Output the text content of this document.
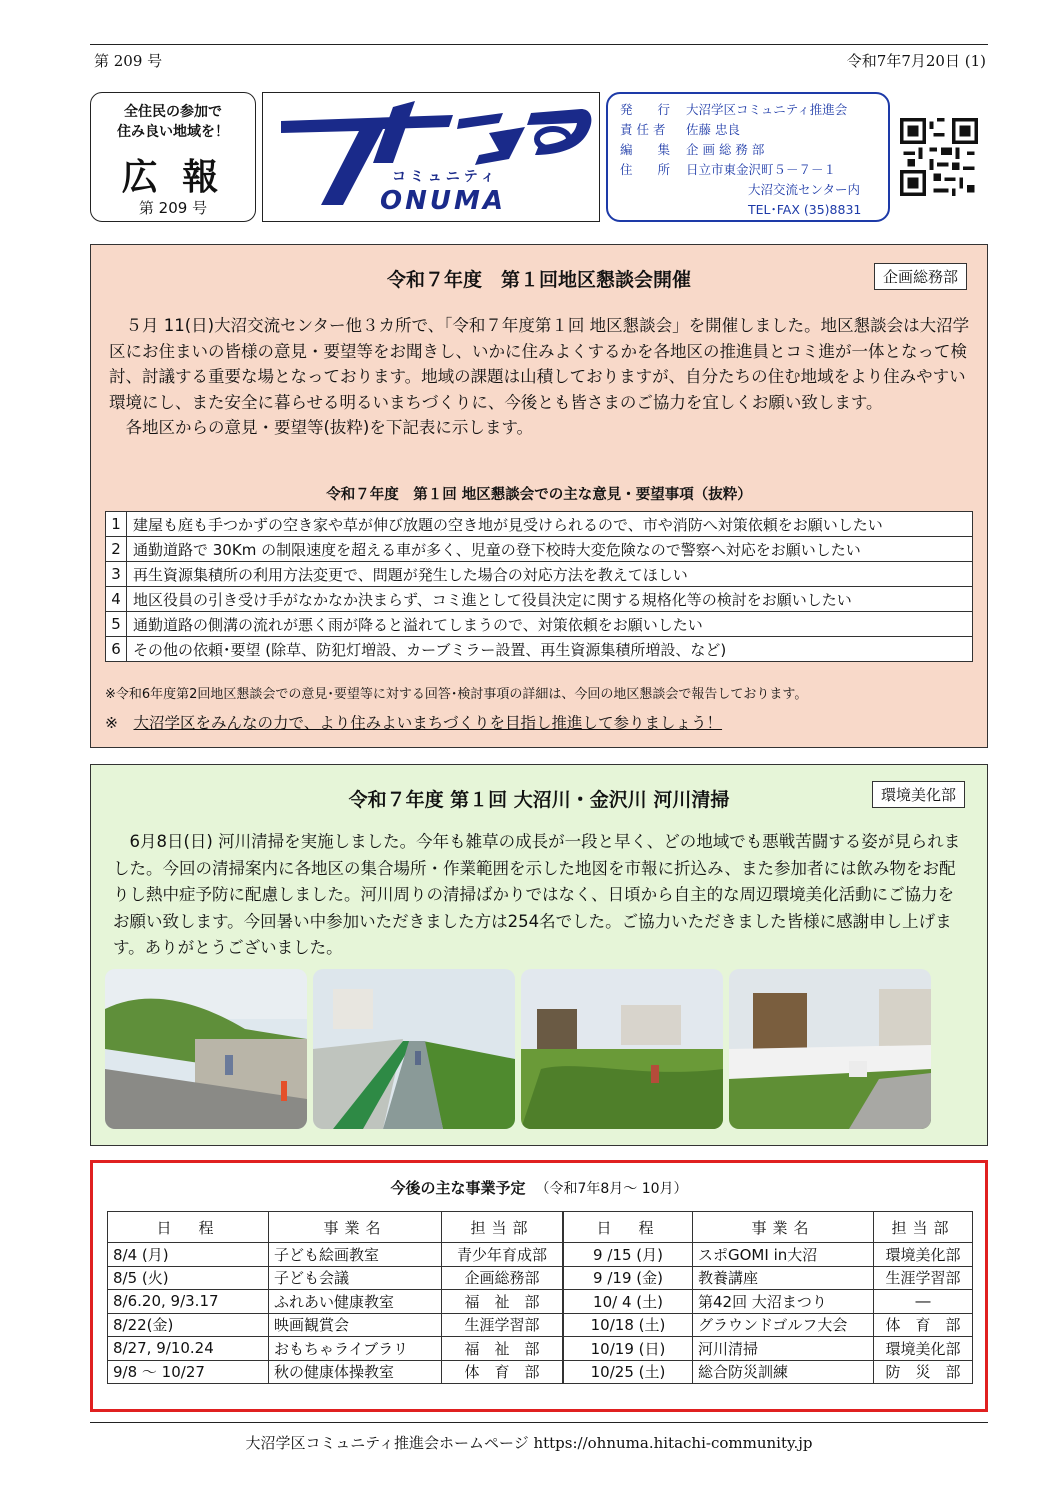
第 209 号	令和7年7月20日 (1)
全住民の参加で
住み良い地域を！
広 報
第 209 号
コミュニティ
ONUMA
発　　行 大沼学区コミュニティ推進会
責 任 者 佐藤 忠良
編　　集 企 画 総 務 部
住　　所 日立市東金沢町５－７－１
大沼交流センター内
TEL･FAX (35)8831
令和７年度　第１回地区懇談会開催	企画総務部

５月 11(日)大沼交流センター他３カ所で、「令和７年度第１回 地区懇談会」を開催しました。地区懇談会は大沼学区にお住まいの皆様の意見・要望等をお聞きし、いかに住みよくするかを各地区の推進員とコミ進が一体となって検討、討議する重要な場となっております。地域の課題は山積しておりますが、自分たちの住む地域をより住みやすい環境にし、また安全に暮らせる明るいまちづくりに、今後とも皆さまのご協力を宜しくお願い致します。

各地区からの意見・要望等(抜粋)を下記表に示します。

令和７年度　第１回 地区懇談会での主な意見・要望事項（抜粋）
1	建屋も庭も手つかずの空き家や草が伸び放題の空き地が見受けられるので、市や消防へ対策依頼をお願いしたい
2	通勤道路で 30Km の制限速度を超える車が多く、児童の登下校時大変危険なので警察へ対応をお願いしたい
3	再生資源集積所の利用方法変更で、問題が発生した場合の対応方法を教えてほしい
4	地区役員の引き受け手がなかなか決まらず、コミ進として役員決定に関する規格化等の検討をお願いしたい
5	通勤道路の側溝の流れが悪く雨が降ると溢れてしまうので、対策依頼をお願いしたい
6	その他の依頼･要望 (除草、防犯灯増設、カーブミラー設置、再生資源集積所増設、など)
※令和6年度第2回地区懇談会での意見･要望等に対する回答･検討事項の詳細は、今回の地区懇談会で報告しております。
※　 大沼学区をみんなの力で、より住みよいまちづくりを目指し推進して参りましょう！
令和７年度 第１回 大沼川・金沢川 河川清掃	環境美化部

6月8日(日) 河川清掃を実施しました。今年も雑草の成長が一段と早く、どの地域でも悪戦苦闘する姿が見られました。今回の清掃案内に各地区の集合場所・作業範囲を示した地図を市報に折込み、また参加者には飲み物をお配りし熱中症予防に配慮しました。河川周りの清掃ばかりではなく、日頃から自主的な周辺環境美化活動にご協力をお願い致します。今回暑い中参加いただきました方は254名でした。ご協力いただきました皆様に感謝申し上げます。ありがとうございました。

今後の主な事業予定 （令和7年8月～ 10月）
日　程	事業名	担当部	日　程	事業名	担当部
8/4 (月)	子ども絵画教室	青少年育成部	9 /15 (月)	スポGOMI in大沼	環境美化部
8/5 (火)	子ども会議	企画総務部	9 /19 (金)	教養講座	生涯学習部
8/6.20, 9/3.17	ふれあい健康教室	福　祉　部	10/ 4 (土)	第42回 大沼まつり	―
8/22(金)	映画観賞会	生涯学習部	10/18 (土)	グラウンドゴルフ大会	体　育　部
8/27, 9/10.24	おもちゃライブラリ	福　祉　部	10/19 (日)	河川清掃	環境美化部
9/8 ～ 10/27	秋の健康体操教室	体　育　部	10/25 (土)	総合防災訓練	防　災　部
大沼学区コミュニティ推進会ホームページ https://ohnuma.hitachi-community.jp
